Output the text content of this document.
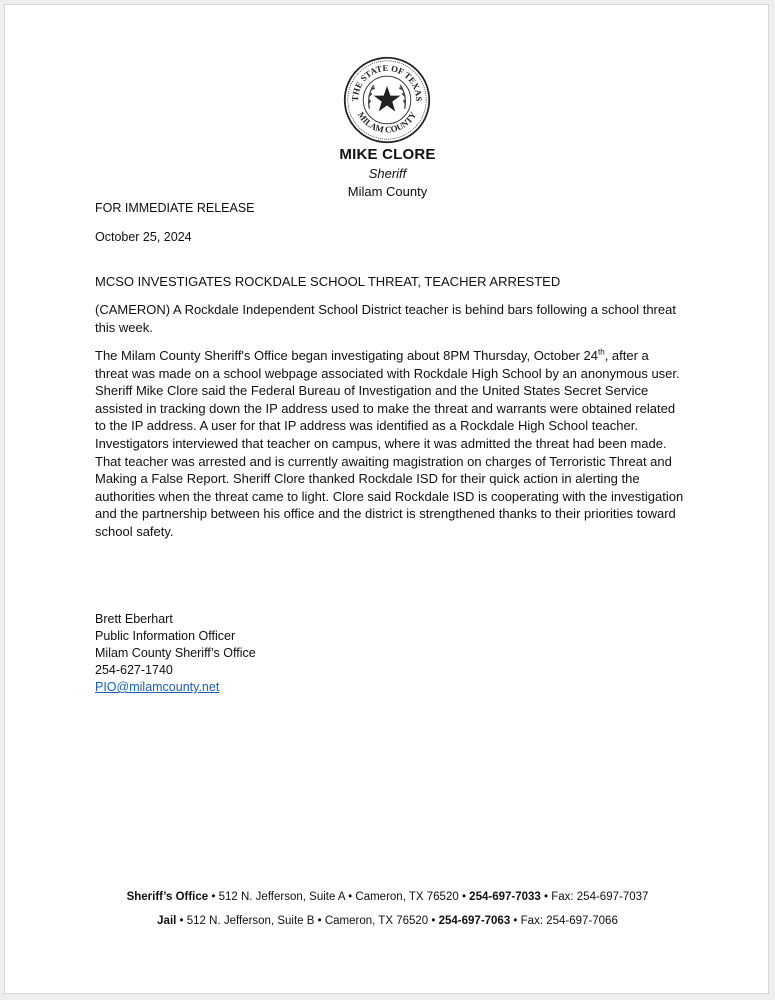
THE STATE OF TEXAS
MILAM COUNTY
MIKE CLORE
Sheriff
Milam County
FOR IMMEDIATE RELEASE
October 25, 2024
MCSO INVESTIGATES ROCKDALE SCHOOL THREAT, TEACHER ARRESTED

(CAMERON) A Rockdale Independent School District teacher is behind bars following a school threat this week.

The Milam County Sheriff's Office began investigating about 8PM Thursday, October 24th, after a threat was made on a school webpage associated with Rockdale High School by an anonymous user. Sheriff Mike Clore said the Federal Bureau of Investigation and the United States Secret Service assisted in tracking down the IP address used to make the threat and warrants were obtained related to the IP address. A user for that IP address was identified as a Rockdale High School teacher. Investigators interviewed that teacher on campus, where it was admitted the threat had been made. That teacher was arrested and is currently awaiting magistration on charges of Terroristic Threat and Making a False Report. Sheriff Clore thanked Rockdale ISD for their quick action in alerting the authorities when the threat came to light. Clore said Rockdale ISD is cooperating with the investigation and the partnership between his office and the district is strengthened thanks to their priorities toward school safety.

Brett Eberhart
Public Information Officer
Milam County Sheriff’s Office
254-627-1740
PIO@milamcounty.net
Sheriff’s Office • 512 N. Jefferson, Suite A • Cameron, TX 76520 • 254-697-7033 • Fax: 254-697-7037
Jail • 512 N. Jefferson, Suite B • Cameron, TX 76520 • 254-697-7063 • Fax: 254-697-7066
